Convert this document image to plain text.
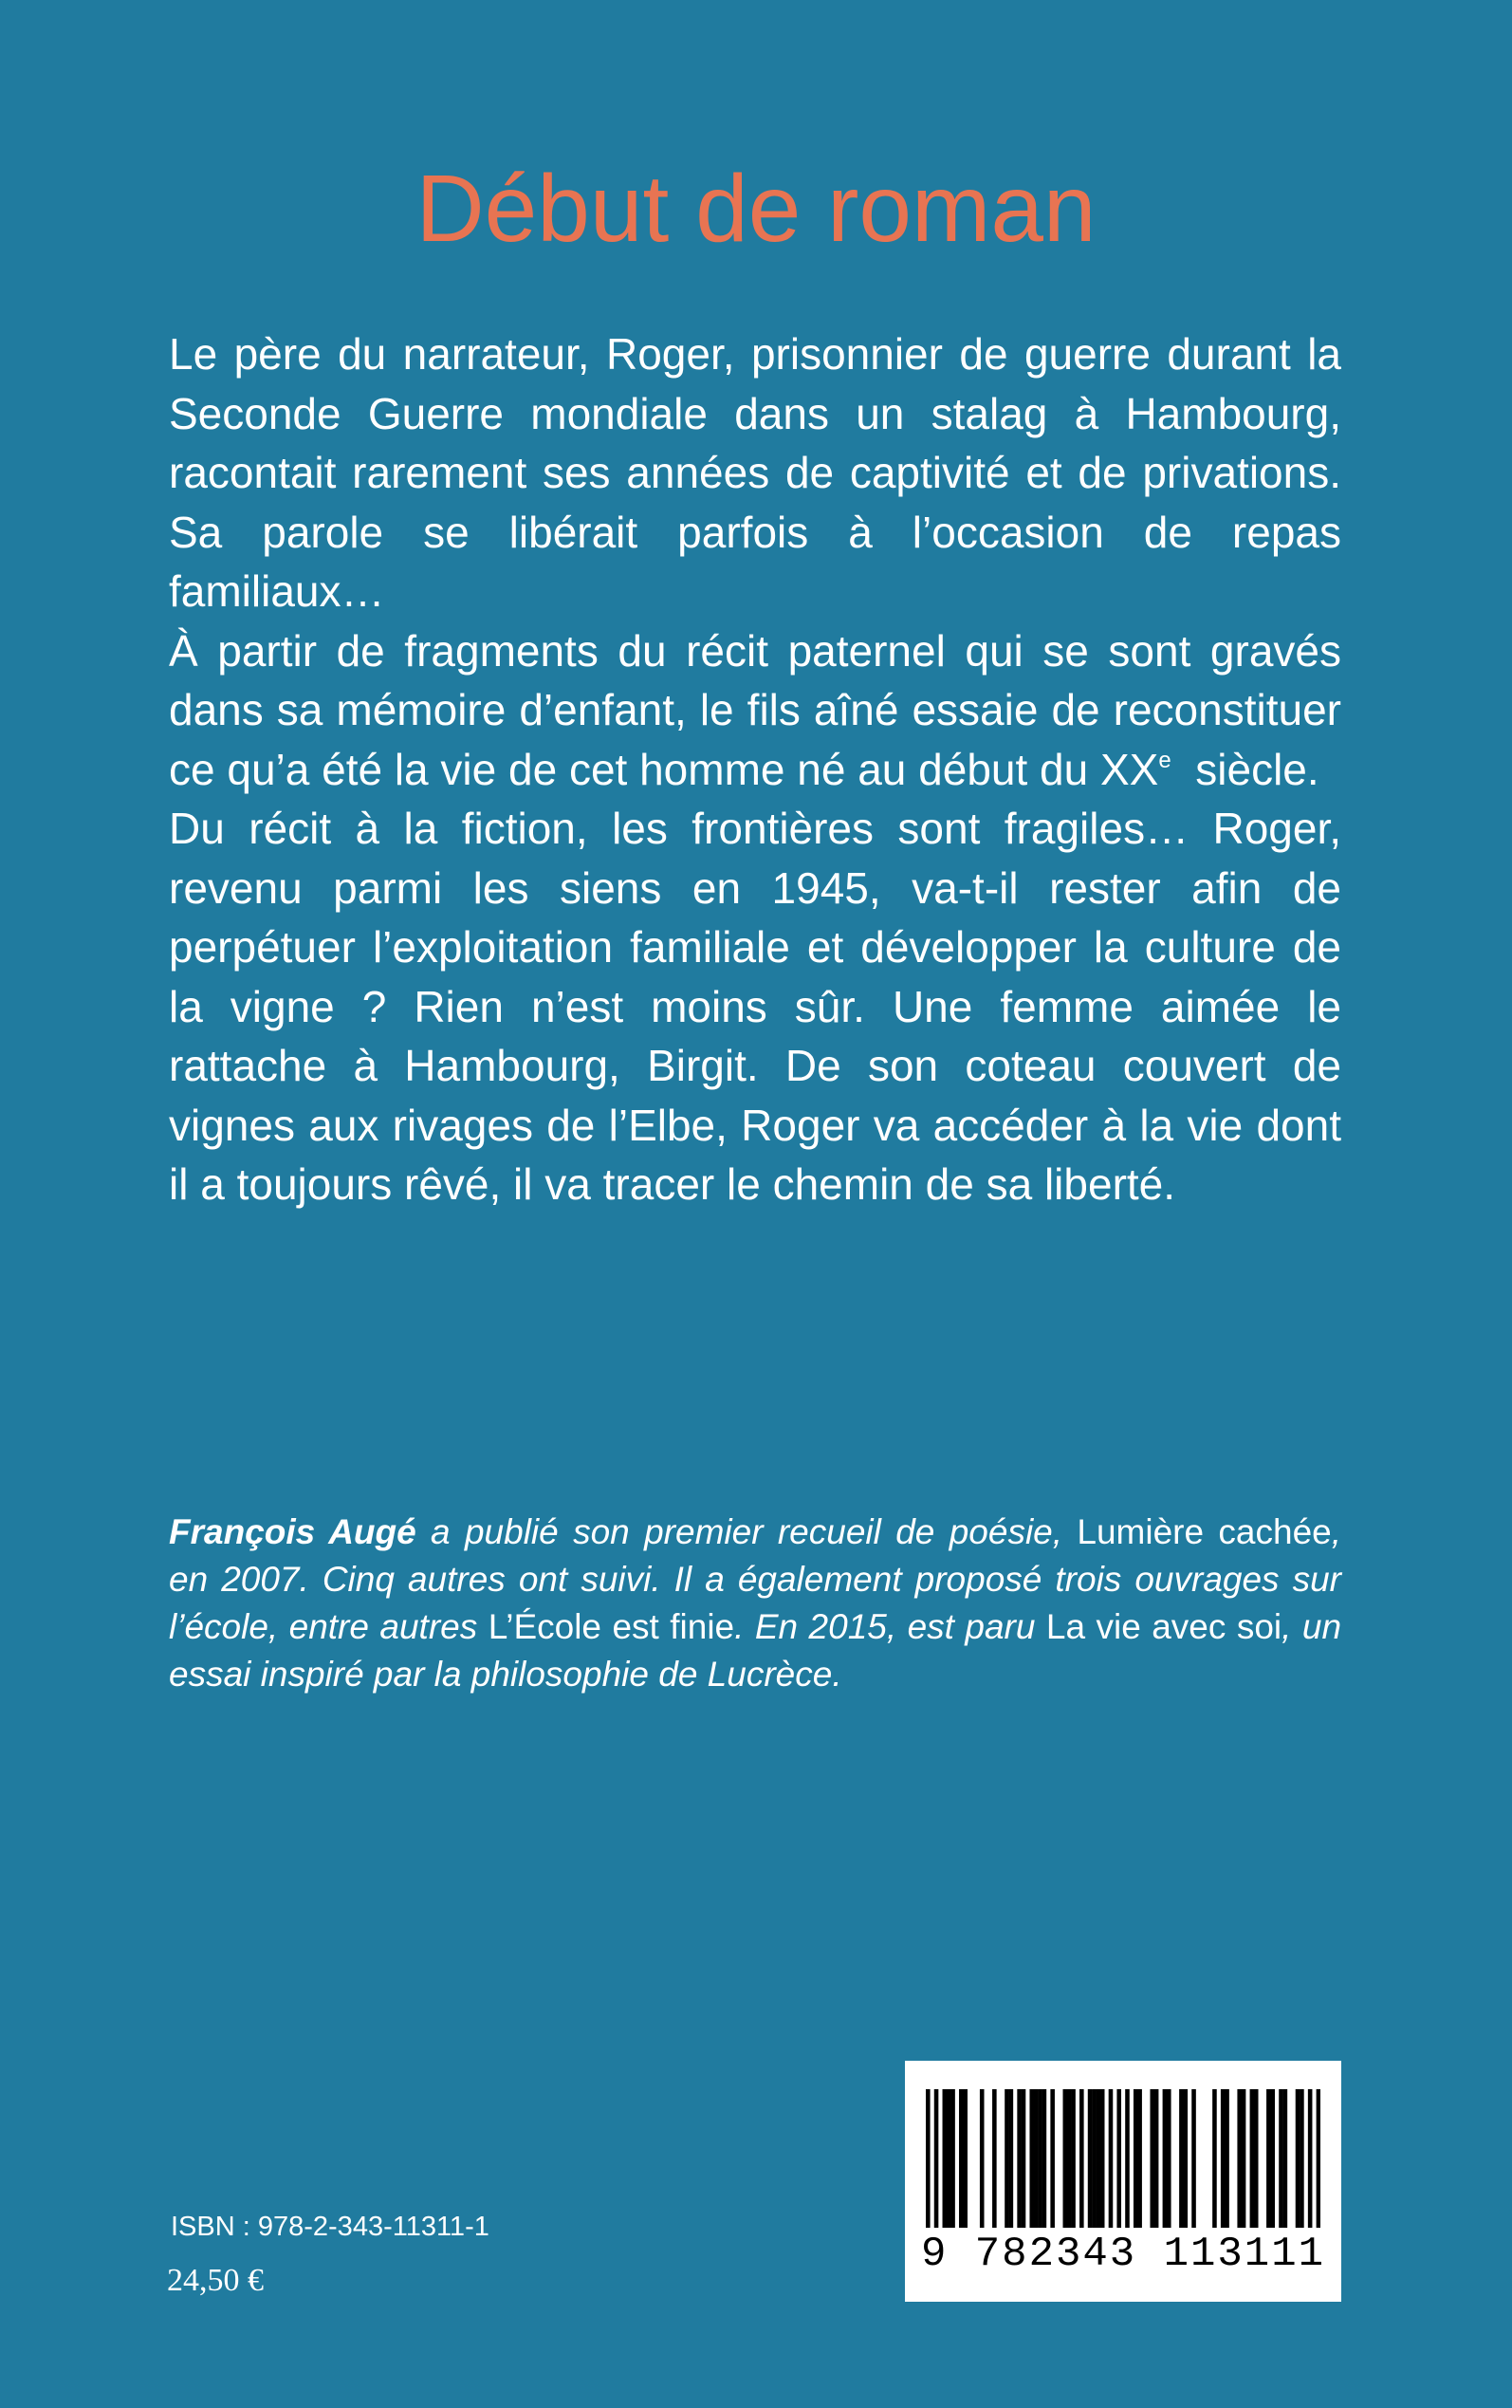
Début de roman

Le père du narrateur, Roger, prisonnier de guerre durant la Seconde Guerre mondiale dans un stalag à Hambourg, racontait rarement ses années de captivité et de privations. Sa parole se libérait parfois à l’occasion de repas familiaux…

À partir de fragments du récit paternel qui se sont gravés dans sa mémoire d’enfant, le fils aîné essaie de reconstituer ce qu’a été la vie de cet homme né au début du XXe  siècle.

Du récit à la fiction, les frontières sont fragiles… Roger, revenu parmi les siens en 1945, va-t-il rester afin de perpétuer l’exploitation familiale et développer la culture de la vigne ? Rien n’est moins sûr. Une femme aimée le rattache à Hambourg, Birgit. De son coteau couvert de vignes aux rivages de l’Elbe, Roger va accéder à la vie dont il a toujours rêvé, il va tracer le chemin de sa liberté.

François Augé a publié son premier recueil de poésie, Lumière cachée, en 2007. Cinq autres ont suivi. Il a également proposé trois ouvrages sur l’école, entre autres L’École est finie. En 2015, est paru La vie avec soi, un essai inspiré par la philosophie de Lucrèce.
ISBN : 978-2-343-11311-1
24,50 €
9 782343 113111
